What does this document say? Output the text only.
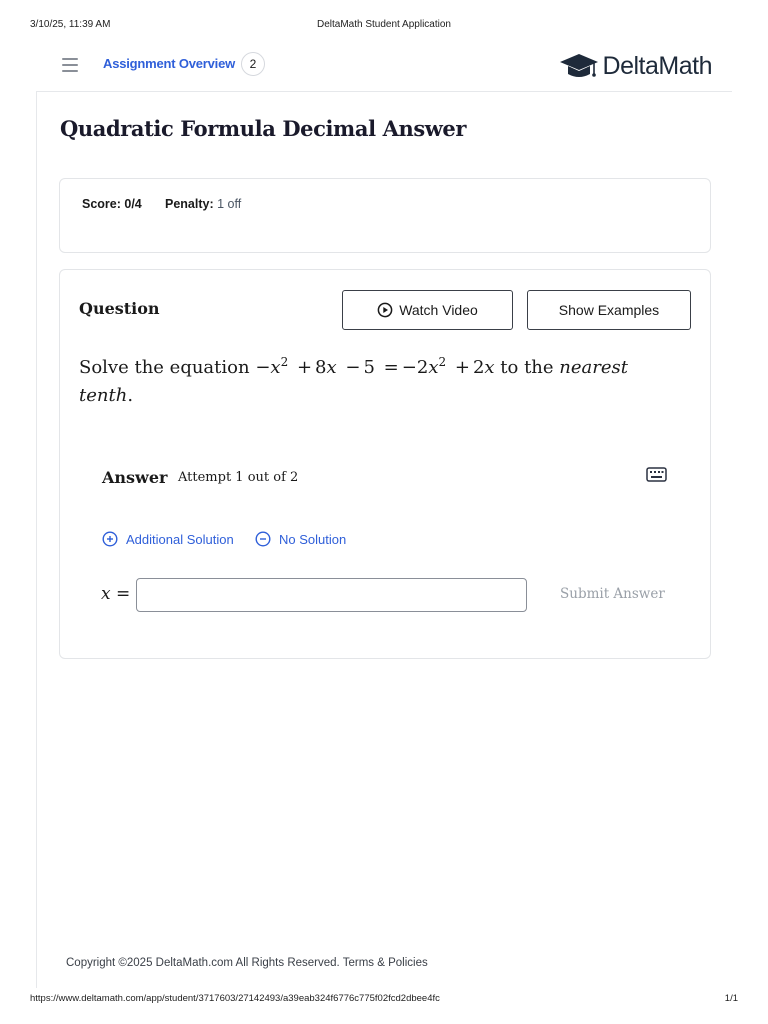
3/10/25, 11:39 AM	DeltaMath Student Application
Assignment Overview	2	DeltaMath
Quadratic Formula Decimal Answer
Score: 0/4 Penalty: 1 off
Question	Watch Video	Show Examples
Solve the equation $-x^2 + 8x - 5 = -2x^2 + 2x$ to the nearest tenth.
Answer Attempt 1 out of 2
Additional Solution	No Solution
x =	Submit Answer
Copyright ©2025 DeltaMath.com All Rights Reserved. Terms & Policies
https://www.deltamath.com/app/student/3717603/27142493/a39eab324f6776c775f02fcd2dbee4fc	1/1
